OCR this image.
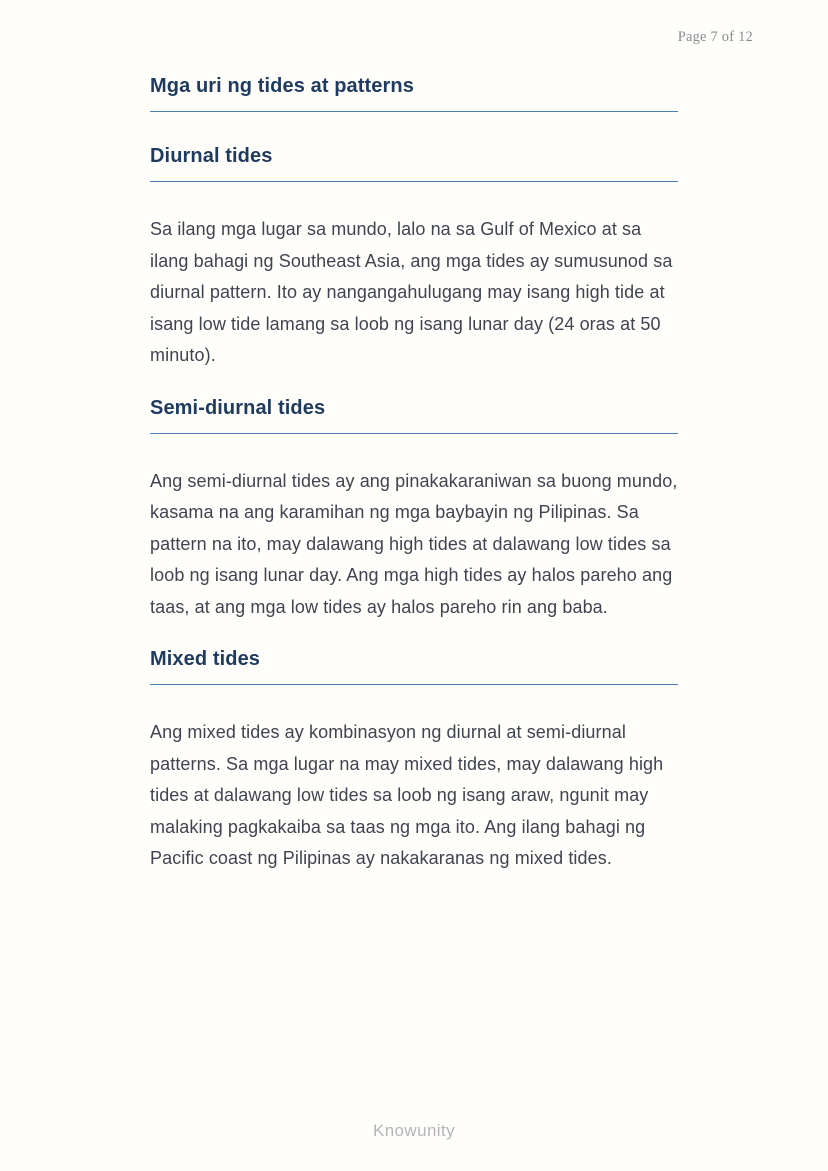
Page 7 of 12
Mga uri ng tides at patterns
Diurnal tides

Sa ilang mga lugar sa mundo, lalo na sa Gulf of Mexico at sa ilang bahagi ng Southeast Asia, ang mga tides ay sumusunod sa diurnal pattern. Ito ay nangangahulugang may isang high tide at isang low tide lamang sa loob ng isang lunar day (24 oras at 50 minuto).

Semi-diurnal tides

Ang semi-diurnal tides ay ang pinakakaraniwan sa buong mundo, kasama na ang karamihan ng mga baybayin ng Pilipinas. Sa pattern na ito, may dalawang high tides at dalawang low tides sa loob ng isang lunar day. Ang mga high tides ay halos pareho ang taas, at ang mga low tides ay halos pareho rin ang baba.

Mixed tides

Ang mixed tides ay kombinasyon ng diurnal at semi-diurnal patterns. Sa mga lugar na may mixed tides, may dalawang high tides at dalawang low tides sa loob ng isang araw, ngunit may malaking pagkakaiba sa taas ng mga ito. Ang ilang bahagi ng Pacific coast ng Pilipinas ay nakakaranas ng mixed tides.

Knowunity
